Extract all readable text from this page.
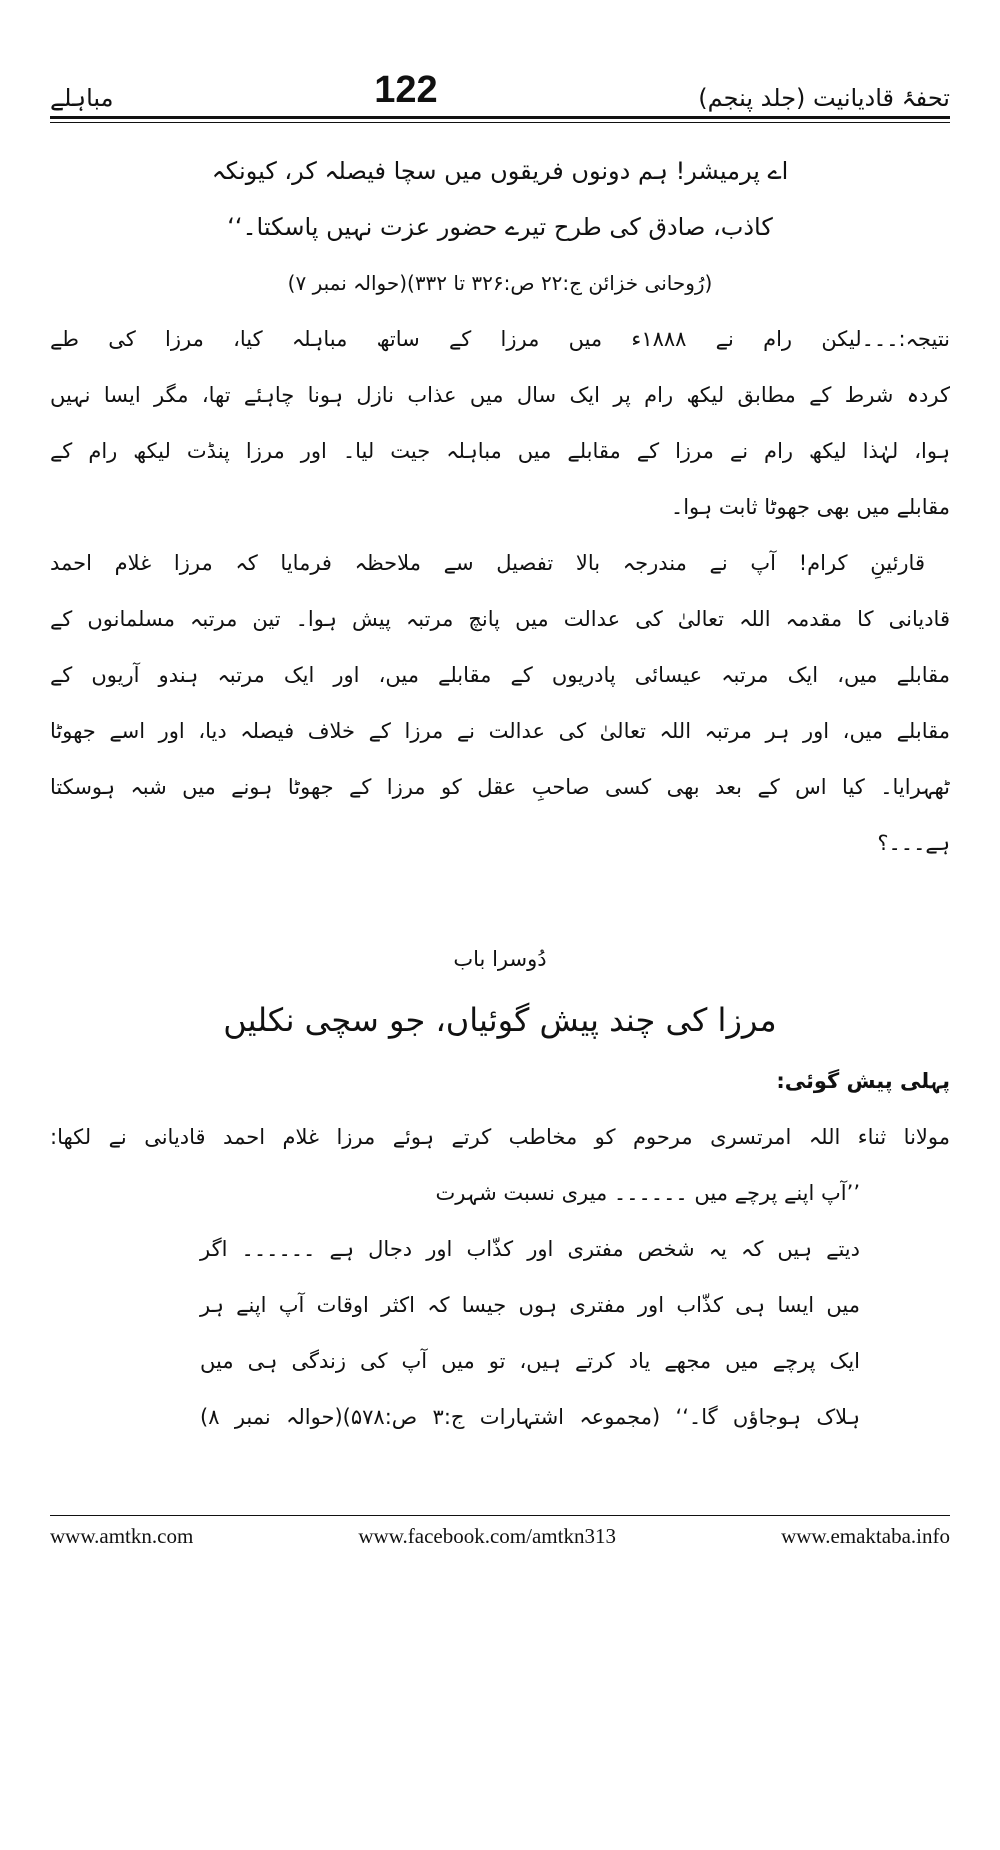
تحفۂ قادیانیت (جلد پنجم)
122
مباہلے
اے پرمیشر! ہم دونوں فریقوں میں سچا فیصلہ کر، کیونکہ
کاذب، صادق کی طرح تیرے حضور عزت نہیں پاسکتا۔‘‘
(رُوحانی خزائن ج:۲۲ ص:۳۲۶ تا ۳۳۲)(حوالہ نمبر ۷)
نتیجہ:۔۔۔لیکن رام نے ۱۸۸۸ء میں مرزا کے ساتھ مباہلہ کیا، مرزا کی طے
کردہ شرط کے مطابق لیکھ رام پر ایک سال میں عذاب نازل ہونا چاہئے تھا، مگر ایسا نہیں
ہوا، لہٰذا لیکھ رام نے مرزا کے مقابلے میں مباہلہ جیت لیا۔ اور مرزا پنڈت لیکھ رام کے
مقابلے میں بھی جھوٹا ثابت ہوا۔
قارئینِ کرام! آپ نے مندرجہ بالا تفصیل سے ملاحظہ فرمایا کہ مرزا غلام احمد
قادیانی کا مقدمہ اللہ تعالیٰ کی عدالت میں پانچ مرتبہ پیش ہوا۔ تین مرتبہ مسلمانوں کے
مقابلے میں، ایک مرتبہ عیسائی پادریوں کے مقابلے میں، اور ایک مرتبہ ہندو آریوں کے
مقابلے میں، اور ہر مرتبہ اللہ تعالیٰ کی عدالت نے مرزا کے خلاف فیصلہ دیا، اور اسے جھوٹا
ٹھہرایا۔ کیا اس کے بعد بھی کسی صاحبِ عقل کو مرزا کے جھوٹا ہونے میں شبہ ہوسکتا
ہے۔۔۔؟
دُوسرا باب
مرزا کی چند پیش گوئیاں، جو سچی نکلیں
پہلی پیش گوئی:
مولانا ثناء اللہ امرتسری مرحوم کو مخاطب کرتے ہوئے مرزا غلام احمد قادیانی نے لکھا:
’’آپ اپنے پرچے میں ۔۔۔۔۔۔ میری نسبت شہرت
دیتے ہیں کہ یہ شخص مفتری اور کذّاب اور دجال ہے ۔۔۔۔۔۔ اگر
میں ایسا ہی کذّاب اور مفتری ہوں جیسا کہ اکثر اوقات آپ اپنے ہر
ایک پرچے میں مجھے یاد کرتے ہیں، تو میں آپ کی زندگی ہی میں
ہلاک ہوجاؤں گا۔‘‘ (مجموعہ اشتہارات ج:۳ ص:۵۷۸)(حوالہ نمبر ۸)
www.amtkn.com	www.facebook.com/amtkn313	www.emaktaba.info
